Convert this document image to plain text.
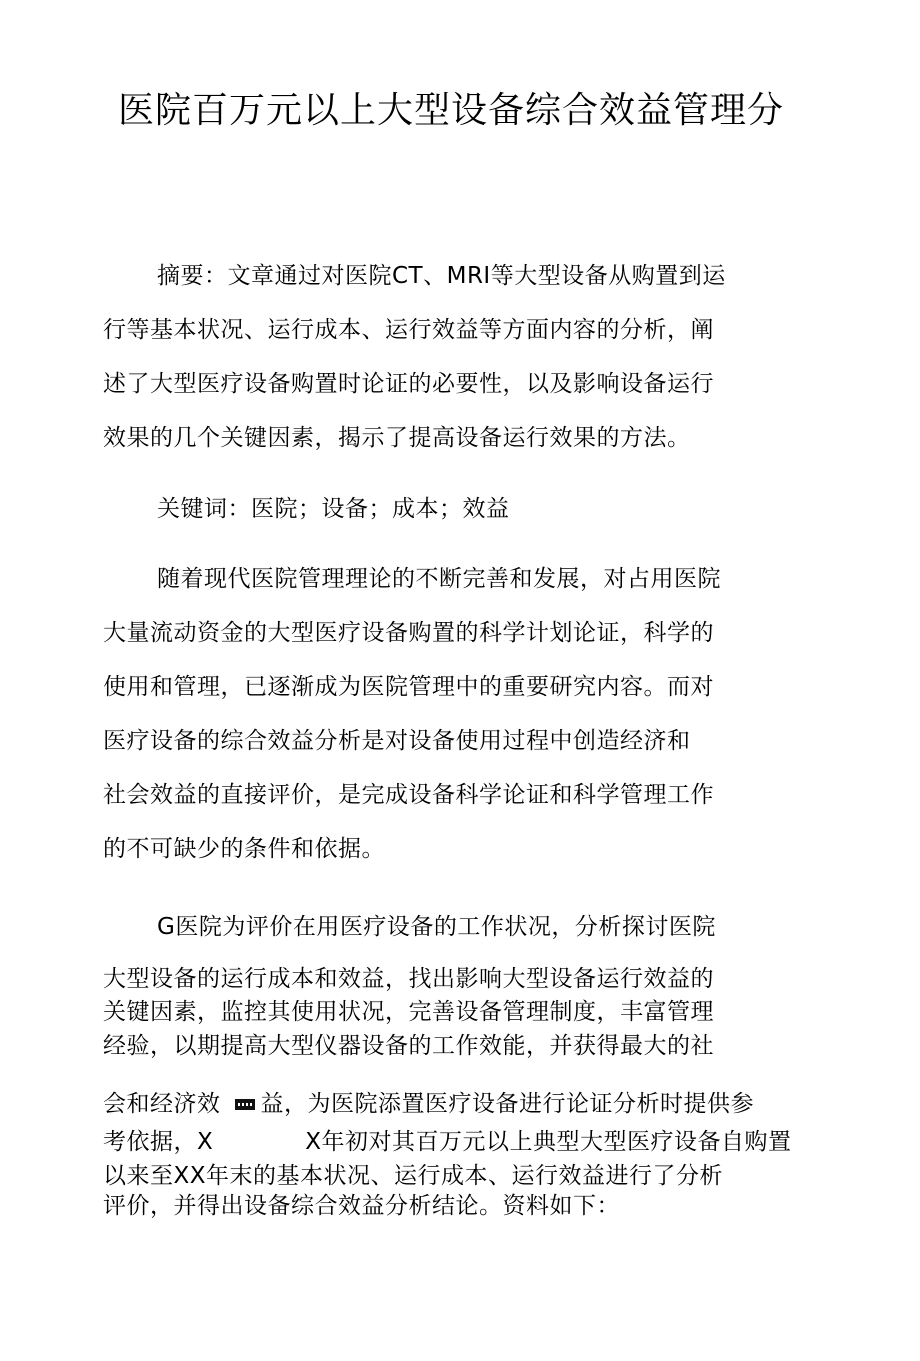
医院百万元以上大型设备综合效益管理分
摘要：文章通过对医院CT、MRI等大型设备从购置到运
行等基本状况、运行成本、运行效益等方面内容的分析，阐
述了大型医疗设备购置时论证的必要性，以及影响设备运行
效果的几个关键因素，揭示了提高设备运行效果的方法。
关键词：医院；设备；成本；效益
随着现代医院管理理论的不断完善和发展，对占用医院
大量流动资金的大型医疗设备购置的科学计划论证，科学的
使用和管理，已逐渐成为医院管理中的重要研究内容。而对
医疗设备的综合效益分析是对设备使用过程中创造经济和
社会效益的直接评价，是完成设备科学论证和科学管理工作
的不可缺少的条件和依据。
G医院为评价在用医疗设备的工作状况，分析探讨医院
大型设备的运行成本和效益，找出影响大型设备运行效益的
关键因素，监控其使用状况，完善设备管理制度，丰富管理
经验，以期提高大型仪器设备的工作效能，并获得最大的社
会和经济效 益，为医院添置医疗设备进行论证分析时提供参
考依据，X	X年初对其百万元以上典型大型医疗设备自购置
以来至XX年末的基本状况、运行成本、运行效益进行了分析
评价，并得出设备综合效益分析结论。资料如下：
